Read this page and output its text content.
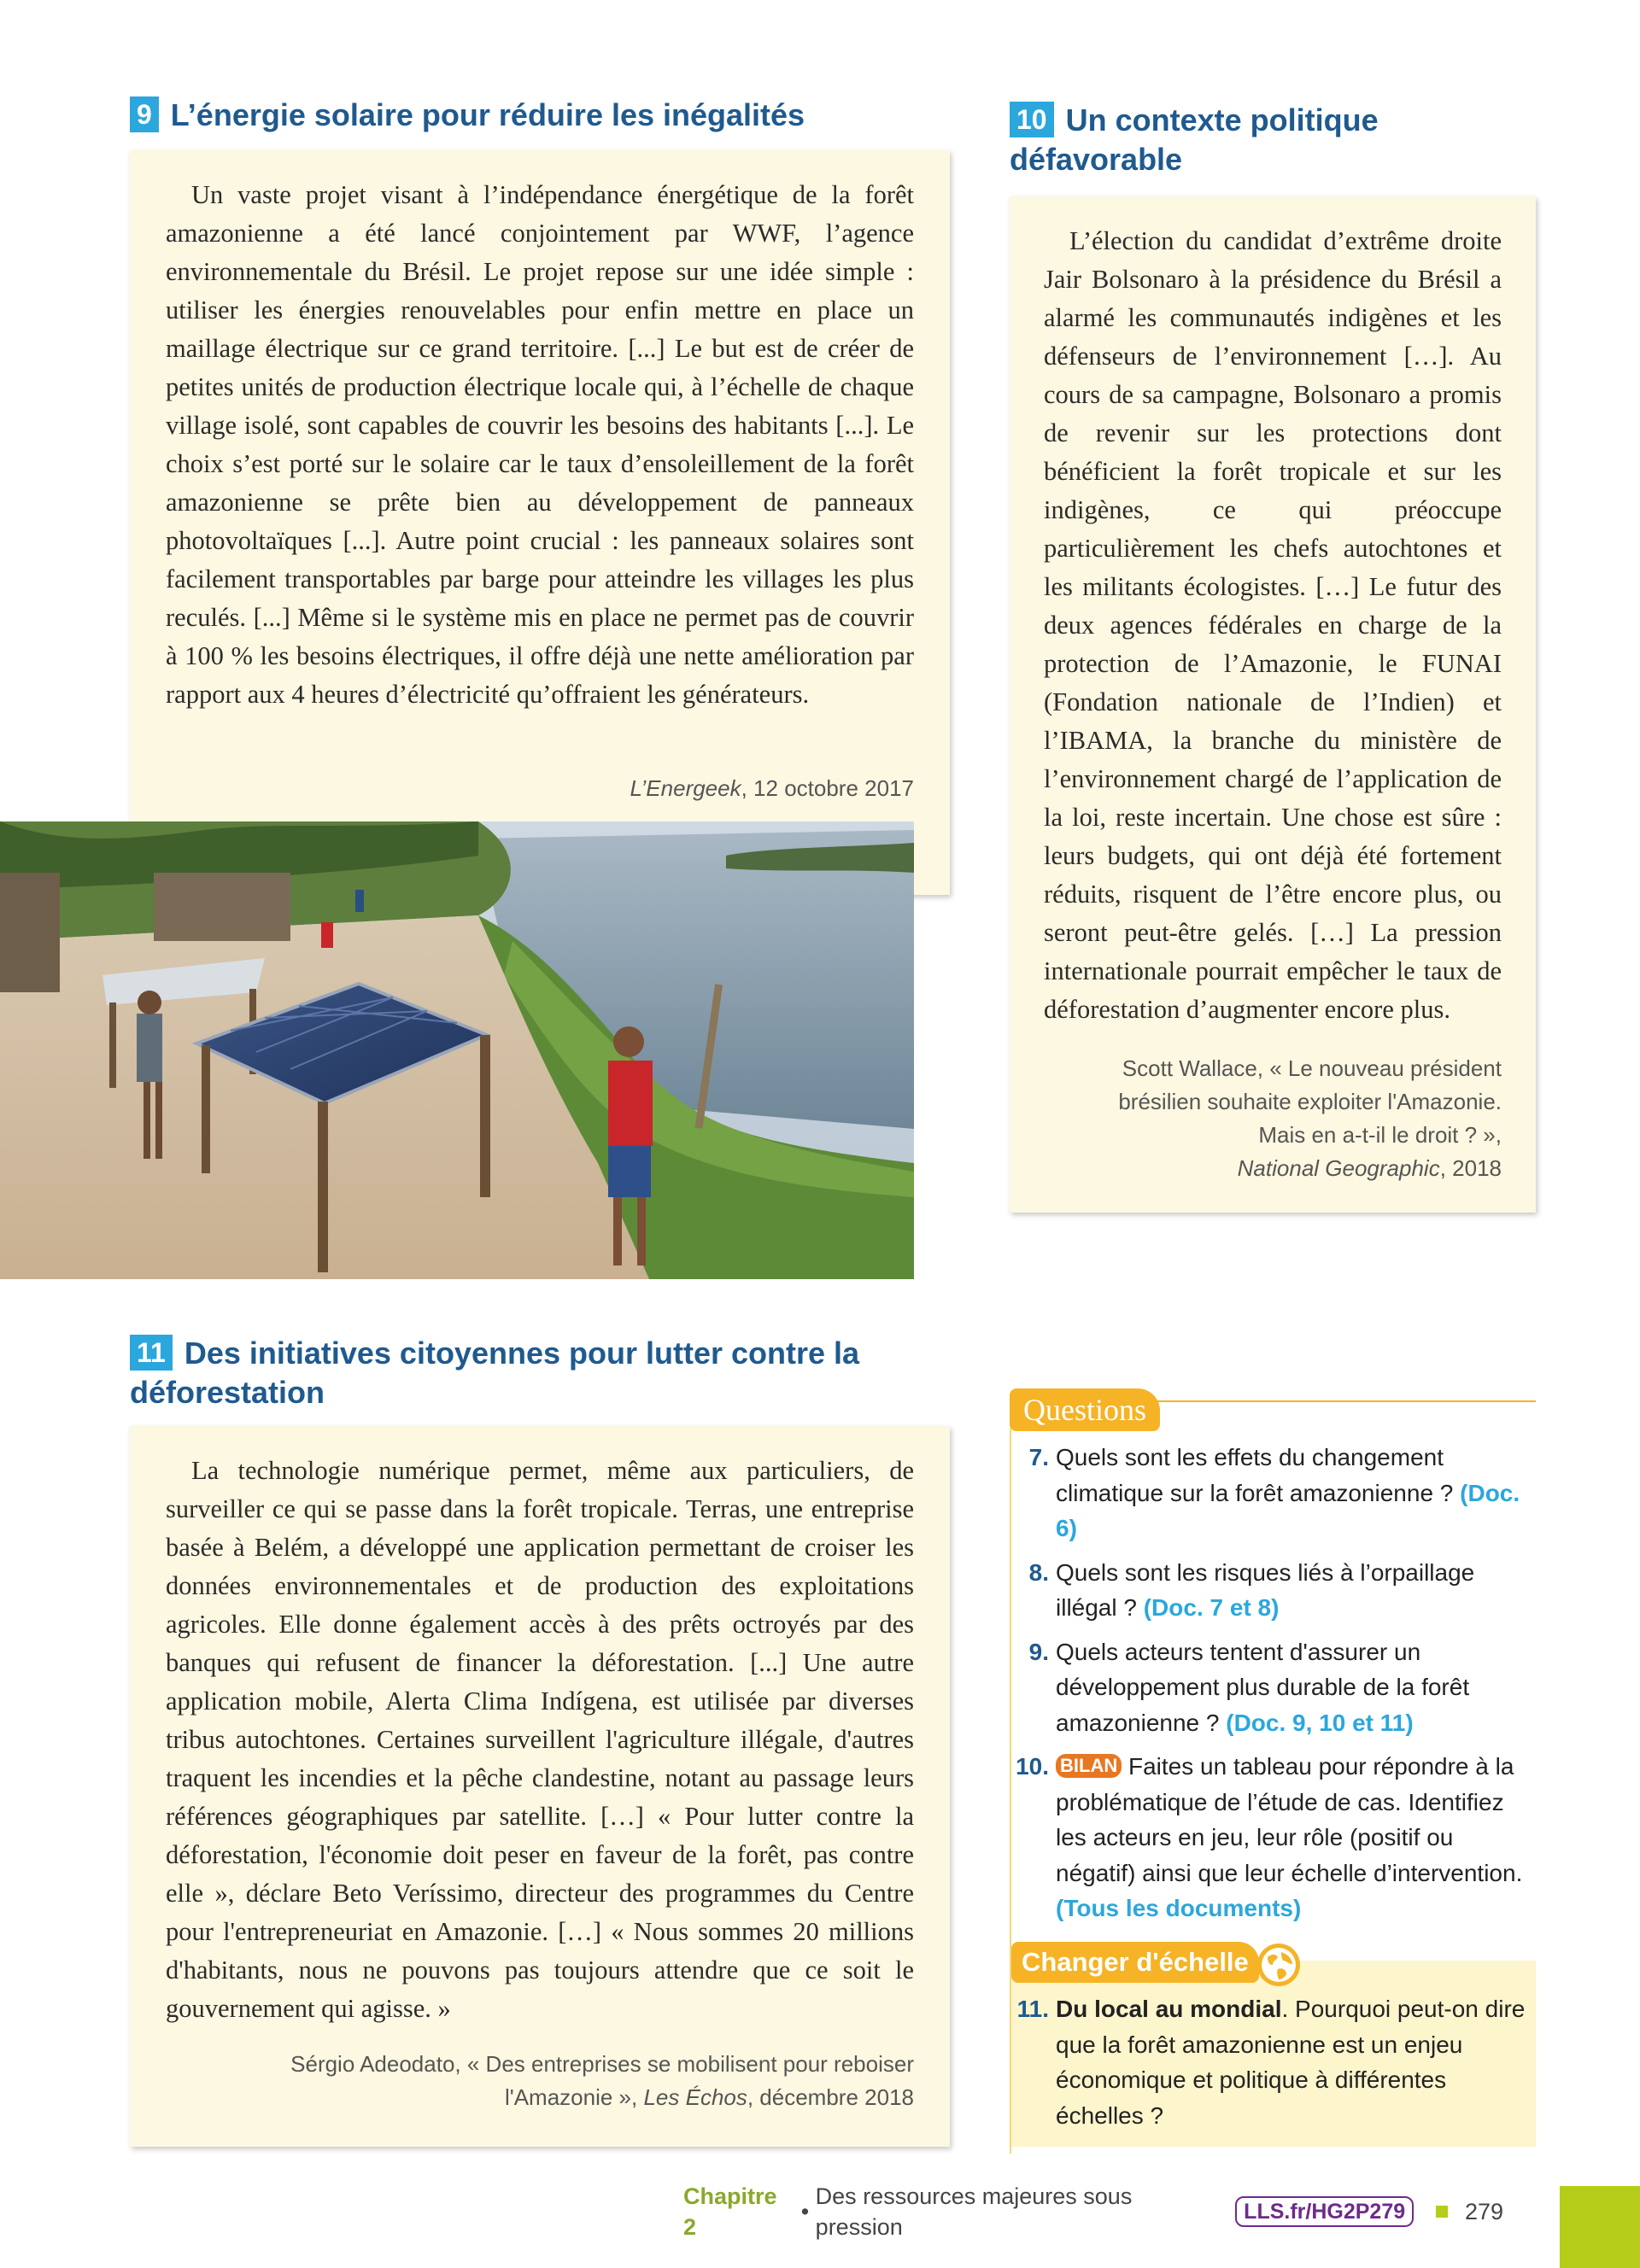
9 L’énergie solaire pour réduire les inégalités

Un vaste projet visant à l’indépendance énergétique de la forêt amazonienne a été lancé conjointement par WWF, l’agence environnementale du Brésil. Le projet repose sur une idée simple : utiliser les énergies renouvelables pour enfin mettre en place un maillage électrique sur ce grand territoire. [...] Le but est de créer de petites unités de production électrique locale qui, à l’échelle de chaque village isolé, sont capables de couvrir les besoins des habitants [...]. Le choix s’est porté sur le solaire car le taux d’ensoleillement de la forêt amazonienne se prête bien au développement de panneaux photovoltaïques [...]. Autre point crucial : les panneaux solaires sont facilement transportables par barge pour atteindre les villages les plus reculés. [...] Même si le système mis en place ne permet pas de couvrir à 100 % les besoins électriques, il offre déjà une nette amélioration par rapport aux 4 heures d’électricité qu’offraient les générateurs.

L’Energeek, 12 octobre 2017

10 Un contexte politique défavorable

L’élection du candidat d’extrême droite Jair Bolsonaro à la présidence du Brésil a alarmé les communautés indigènes et les défenseurs de l’environnement […]. Au cours de sa campagne, Bolsonaro a promis de revenir sur les protections dont bénéficient la forêt tropicale et sur les indigènes, ce qui préoccupe particulièrement les chefs autochtones et les militants écologistes. […] Le futur des deux agences fédérales en charge de la protection de l’Amazonie, le FUNAI (Fondation nationale de l’Indien) et l’IBAMA, la branche du ministère de l’environnement chargé de l’application de la loi, reste incertain. Une chose est sûre : leurs budgets, qui ont déjà été fortement réduits, risquent de l’être encore plus, ou seront peut-être gelés. […] La pression internationale pourrait empêcher le taux de déforestation d’augmenter encore plus.

Scott Wallace, « Le nouveau président
brésilien souhaite exploiter l'Amazonie.
Mais en a-t-il le droit ? »,
National Geographic, 2018
11 Des initiatives citoyennes pour lutter contre la déforestation

La technologie numérique permet, même aux particuliers, de surveiller ce qui se passe dans la forêt tropicale. Terras, une entreprise basée à Belém, a développé une application permettant de croiser les données environnementales et de production des exploitations agricoles. Elle donne également accès à des prêts octroyés par des banques qui refusent de financer la déforestation. [...] Une autre application mobile, Alerta Clima Indígena, est utilisée par diverses tribus autochtones. Certaines surveillent l'agriculture illégale, d'autres traquent les incendies et la pêche clandestine, notant au passage leurs références géographiques par satellite. […] « Pour lutter contre la déforestation, l'économie doit peser en faveur de la forêt, pas contre elle », déclare Beto Veríssimo, directeur des programmes du Centre pour l'entrepreneuriat en Amazonie. […] « Nous sommes 20 millions d'habitants, nous ne pouvons pas toujours attendre que ce soit le gouvernement qui agisse. »

Sérgio Adeodato, « Des entreprises se mobilisent pour reboiser
l'Amazonie », Les Échos, décembre 2018
Questions
7. Quels sont les effets du changement climatique sur la forêt amazonienne ? (Doc. 6)
8. Quels sont les risques liés à l’orpaillage illégal ? (Doc. 7 et 8)
9. Quels acteurs tentent d'assurer un développement plus durable de la forêt amazonienne ? (Doc. 9, 10 et 11)
10. BILAN Faites un tableau pour répondre à la problématique de l’étude de cas. Identifiez les acteurs en jeu, leur rôle (positif ou négatif) ainsi que leur échelle d’intervention. (Tous les documents)
Changer d'échelle
11. Du local au mondial. Pourquoi peut-on dire que la forêt amazonienne est un enjeu économique et politique à différentes échelles ?
Chapitre 2
•
Des ressources majeures sous pression
LLS.fr/HG2P279	279
